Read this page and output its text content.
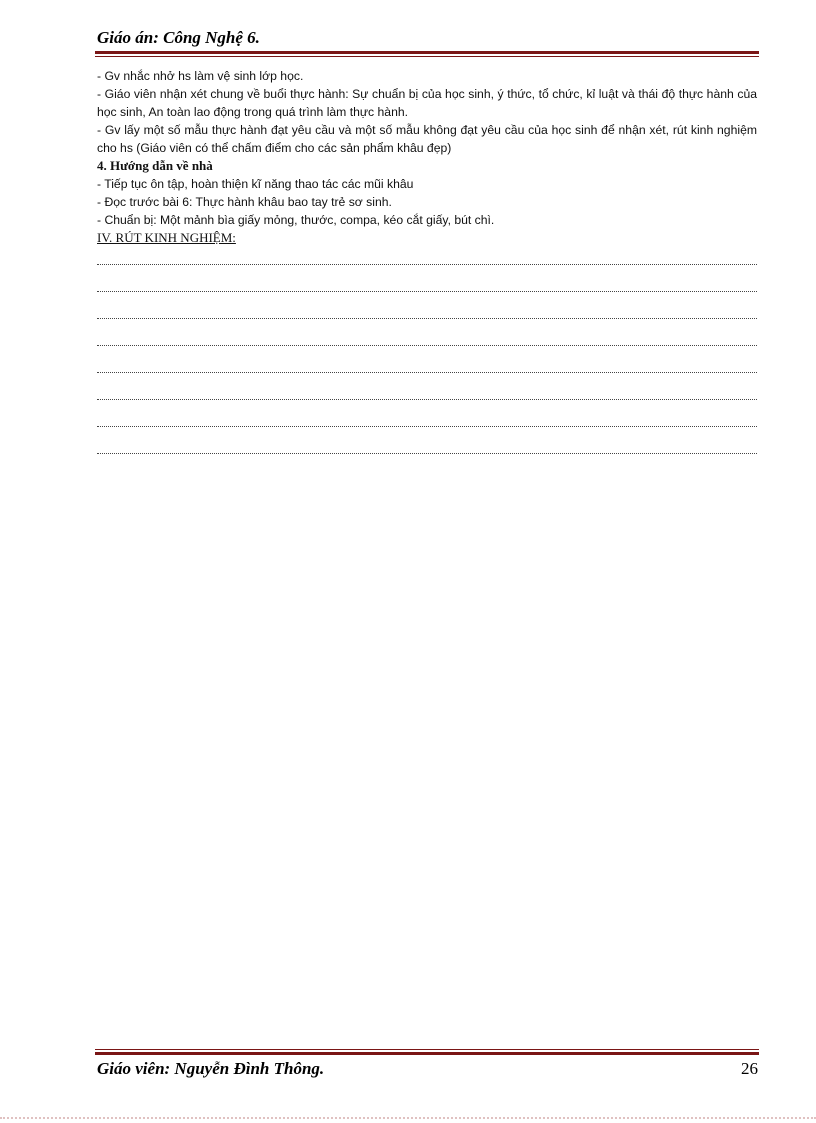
Giáo án: Công Nghệ 6.

- Gv nhắc nhở hs làm vệ sinh lớp học.

- Giáo viên nhận xét chung về buổi thực hành: Sự chuẩn bị của học sinh, ý thức, tổ chức, kỉ luật và thái độ thực hành của học sinh, An toàn lao động trong quá trình làm thực hành.

- Gv lấy một số mẫu thực hành đạt yêu cầu và một số mẫu không đạt yêu cầu của học sinh để nhận xét, rút kinh nghiệm cho hs (Giáo viên có thể chấm điểm cho các sản phẩm khâu đẹp)

4. Hướng dẫn về nhà

- Tiếp tục ôn tập, hoàn thiện kĩ năng thao tác các mũi khâu

- Đọc trước bài 6: Thực hành khâu bao tay trẻ sơ sinh.

- Chuẩn bị: Một mảnh bìa giấy mỏng, thước, compa, kéo cắt giấy, bút chì.

IV. RÚT KINH NGHIỆM:

Giáo viên: Nguyễn Đình Thông.	26
